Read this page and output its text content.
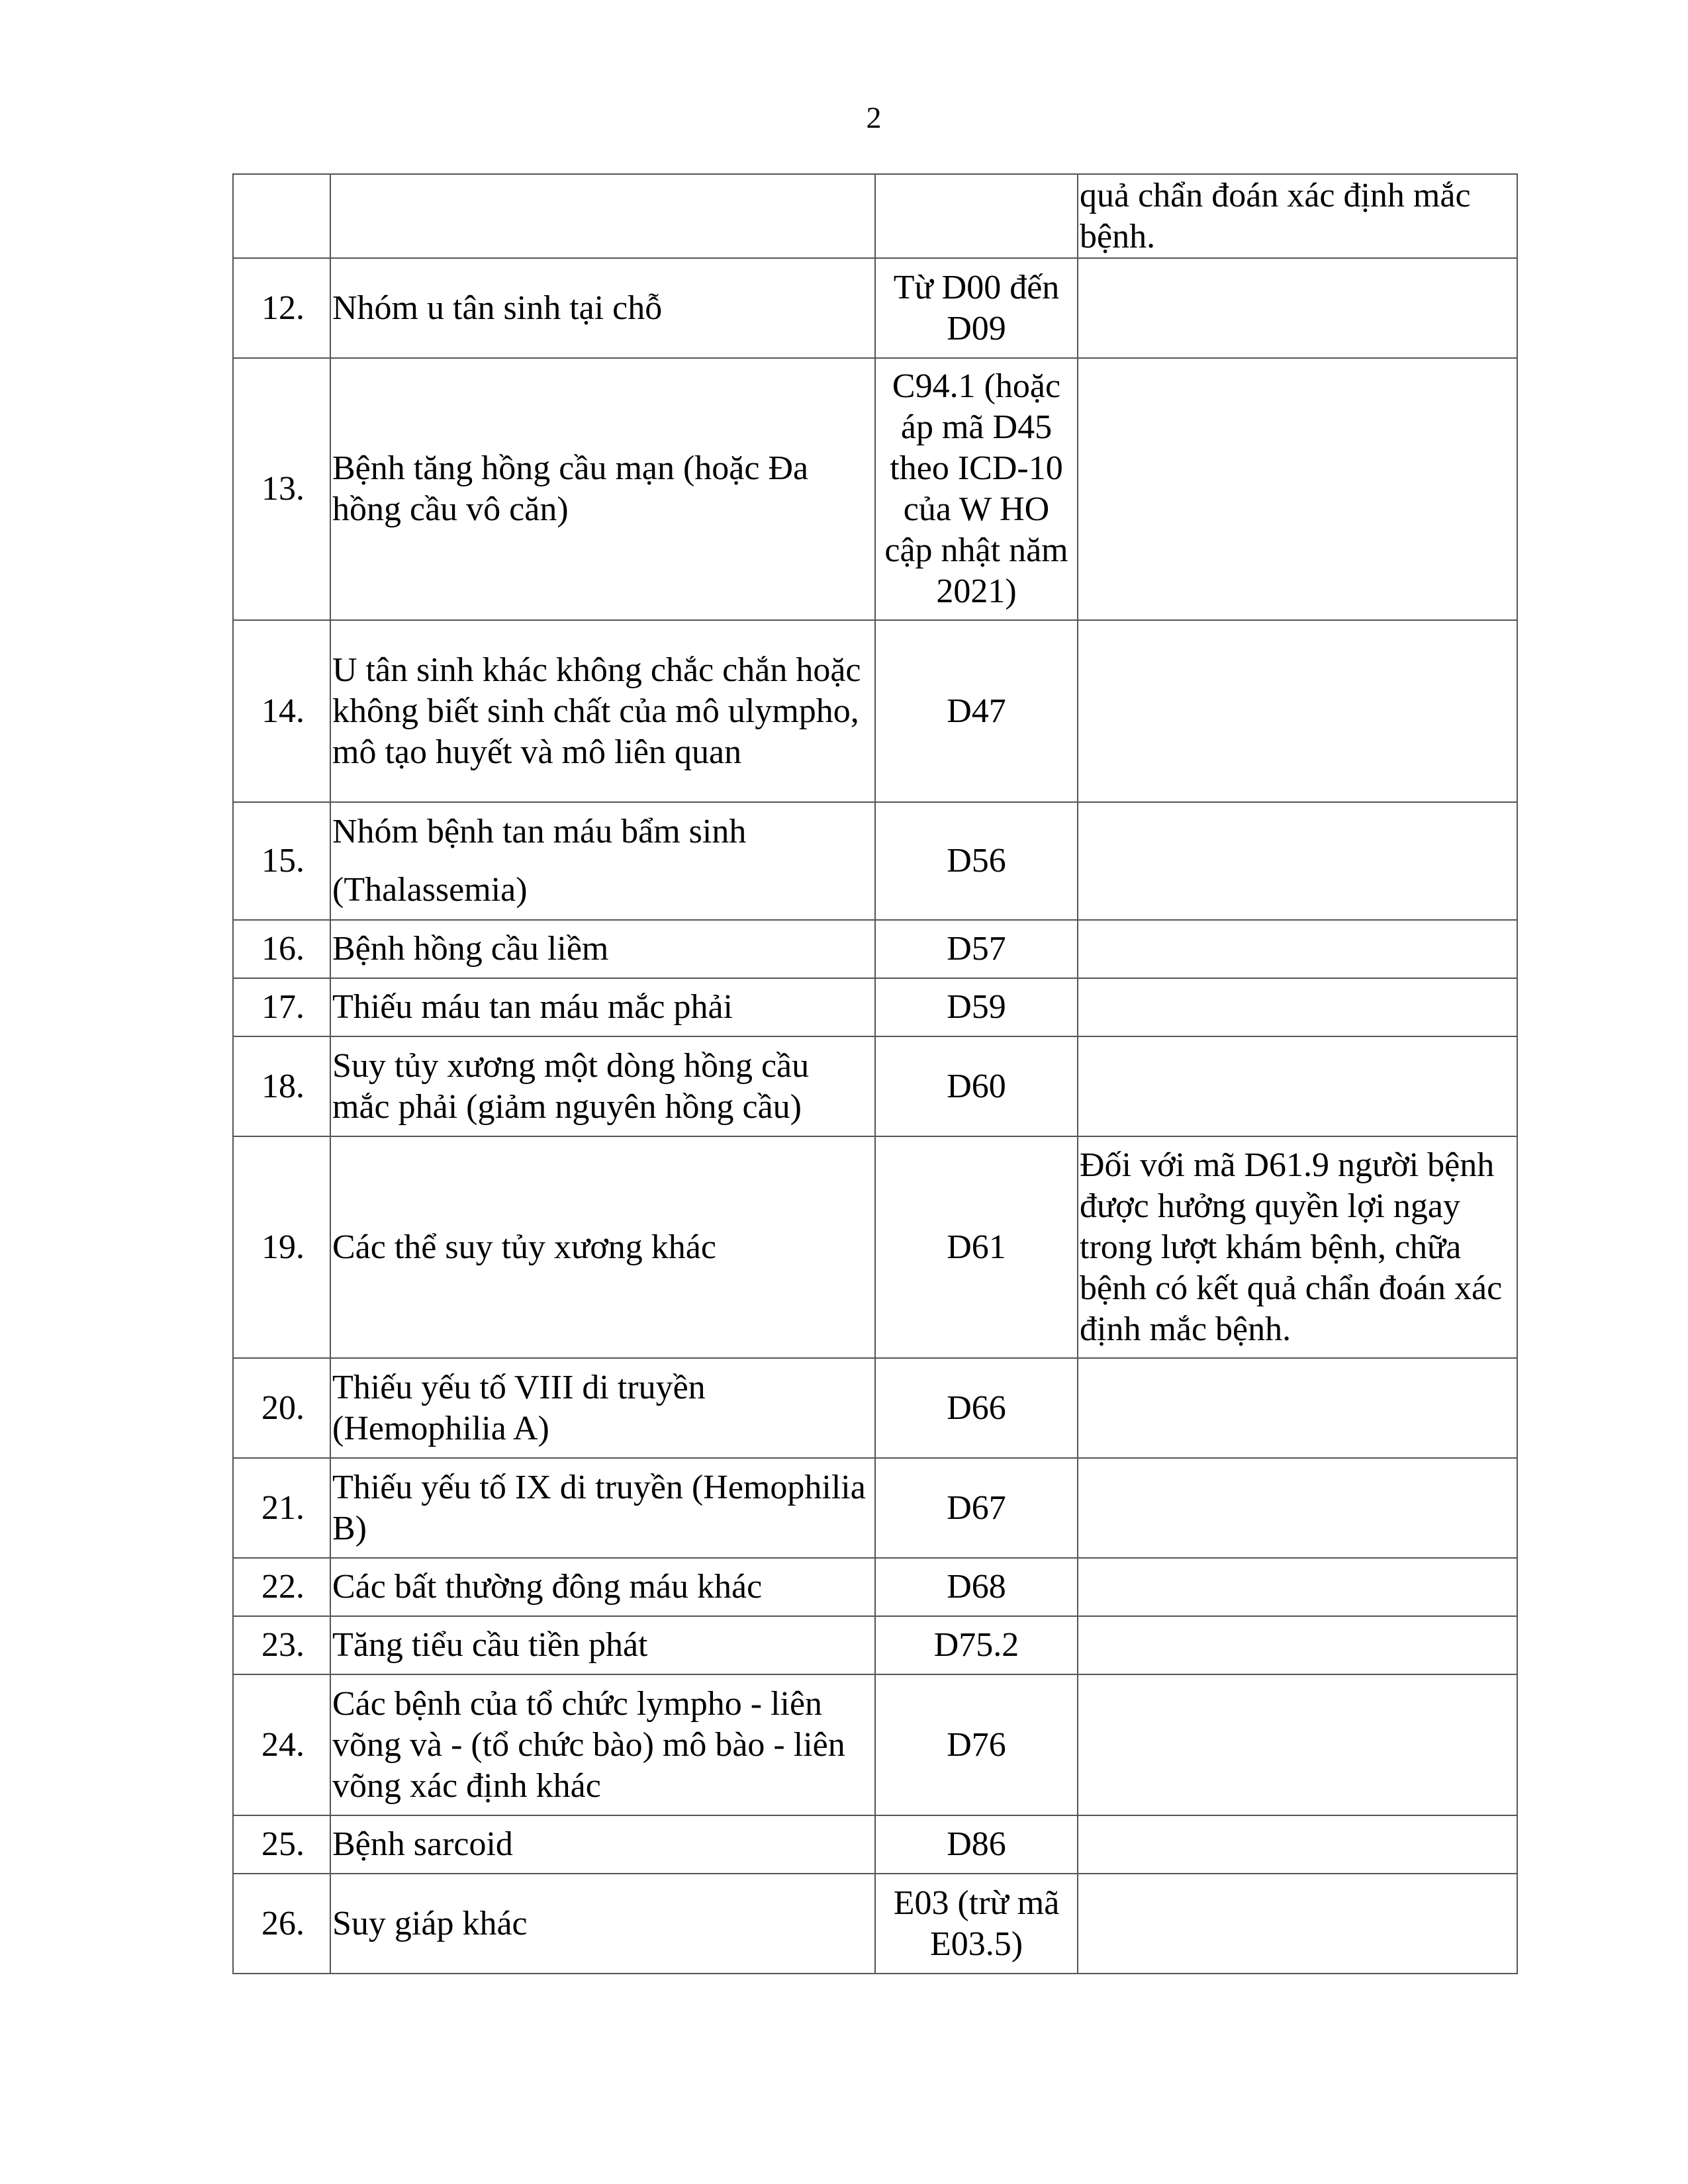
2
			quả chẩn đoán xác định mắc bệnh.
12.	Nhóm u tân sinh tại chỗ	Từ D00 đến D09	
13.	Bệnh tăng hồng cầu mạn (hoặc Đa hồng cầu vô căn)	C94.1 (hoặc áp mã D45 theo ICD-10 của W HO cập nhật năm 2021)	
14.	U tân sinh khác không chắc chắn hoặc không biết sinh chất của mô ulympho, mô tạo huyết và mô liên quan	D47	
15.	Nhóm bệnh tan máu bẩm sinh (Thalassemia)	D56	
16.	Bệnh hồng cầu liềm	D57	
17.	Thiếu máu tan máu mắc phải	D59	
18.	Suy tủy xương một dòng hồng cầu mắc phải (giảm nguyên hồng cầu)	D60	
19.	Các thể suy tủy xương khác	D61	Đối với mã D61.9 người bệnh được hưởng quyền lợi ngay trong lượt khám bệnh, chữa bệnh có kết quả chẩn đoán xác định mắc bệnh.
20.	Thiếu yếu tố VIII di truyền (Hemophilia A)	D66	
21.	Thiếu yếu tố IX di truyền (Hemophilia B)	D67	
22.	Các bất thường đông máu khác	D68	
23.	Tăng tiểu cầu tiền phát	D75.2	
24.	Các bệnh của tổ chức lympho - liên võng và - (tổ chức bào) mô bào - liên võng xác định khác	D76	
25.	Bệnh sarcoid	D86	
26.	Suy giáp khác	E03 (trừ mã E03.5)	
